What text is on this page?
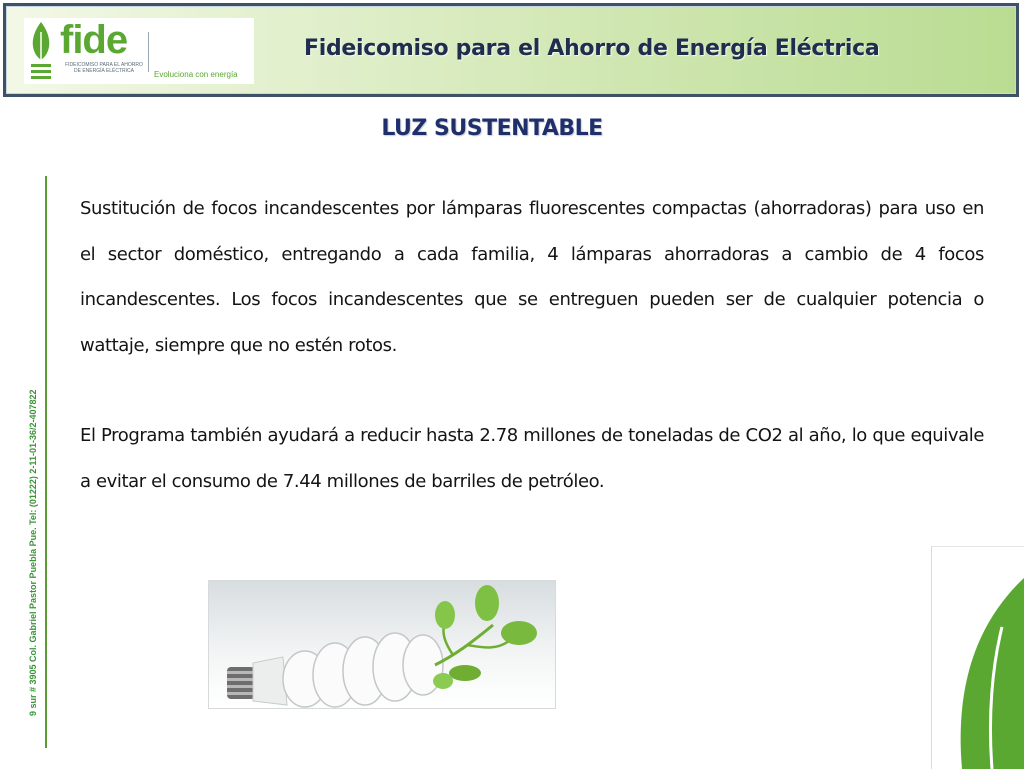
fide
FIDEICOMISO PARA EL AHORRO DE ENERGÍA ELÉCTRICA	Evoluciona con energía
Fideicomiso para el Ahorro de Energía Eléctrica
LUZ SUSTENTABLE
9 sur # 3905 Col. Gabriel Pastor Puebla Pue. Tel: (01222) 2-11-01-36/2-407822

Sustitución de focos incandescentes por lámparas fluorescentes compactas (ahorradoras) para uso en el sector doméstico, entregando a cada familia, 4 lámparas ahorradoras a cambio de 4 focos incandescentes. Los focos incandescentes que se entreguen pueden ser de cualquier potencia o wattaje, siempre que no estén rotos.

El Programa también ayudará a reducir hasta 2.78 millones de toneladas de CO2 al año, lo que equivale a evitar el consumo de 7.44 millones de barriles de petróleo.
